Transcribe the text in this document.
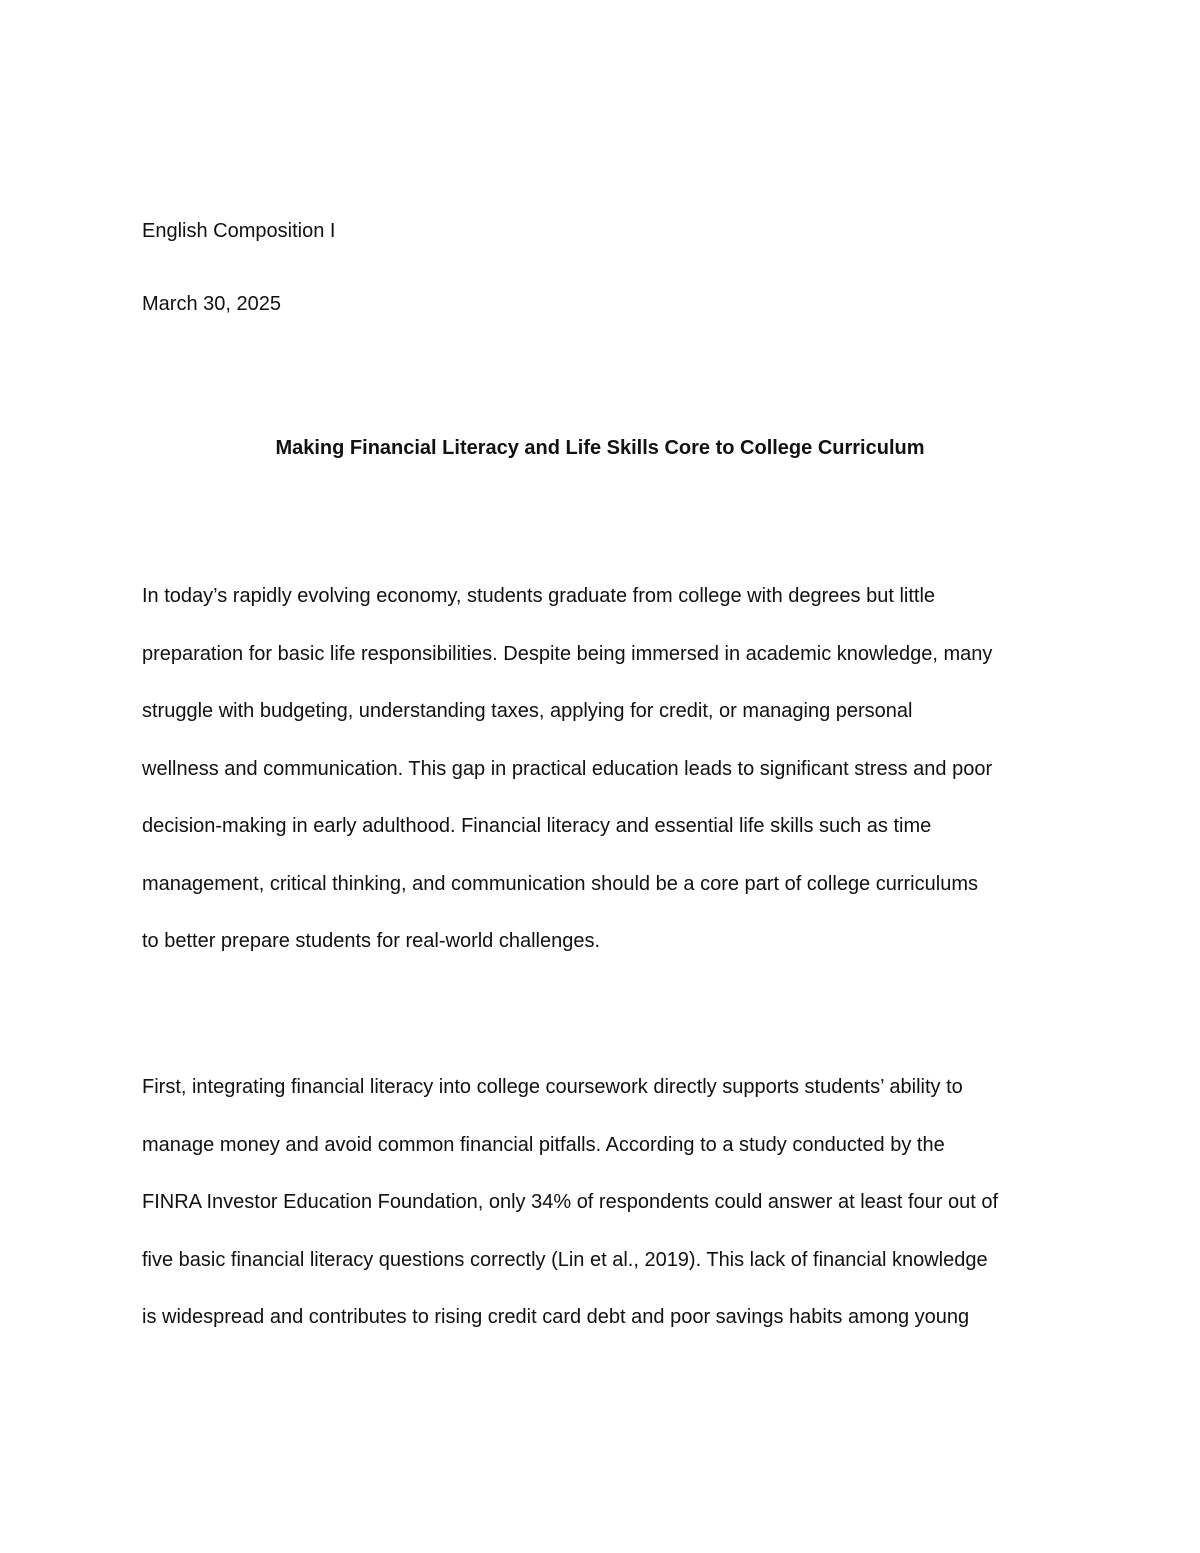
English Composition I
March 30, 2025
Making Financial Literacy and Life Skills Core to College Curriculum
In today’s rapidly evolving economy, students graduate from college with degrees but little
preparation for basic life responsibilities. Despite being immersed in academic knowledge, many
struggle with budgeting, understanding taxes, applying for credit, or managing personal
wellness and communication. This gap in practical education leads to significant stress and poor
decision-making in early adulthood. Financial literacy and essential life skills such as time
management, critical thinking, and communication should be a core part of college curriculums
to better prepare students for real-world challenges.
First, integrating financial literacy into college coursework directly supports students’ ability to
manage money and avoid common financial pitfalls. According to a study conducted by the
FINRA Investor Education Foundation, only 34% of respondents could answer at least four out of
five basic financial literacy questions correctly (Lin et al., 2019). This lack of financial knowledge
is widespread and contributes to rising credit card debt and poor savings habits among young
